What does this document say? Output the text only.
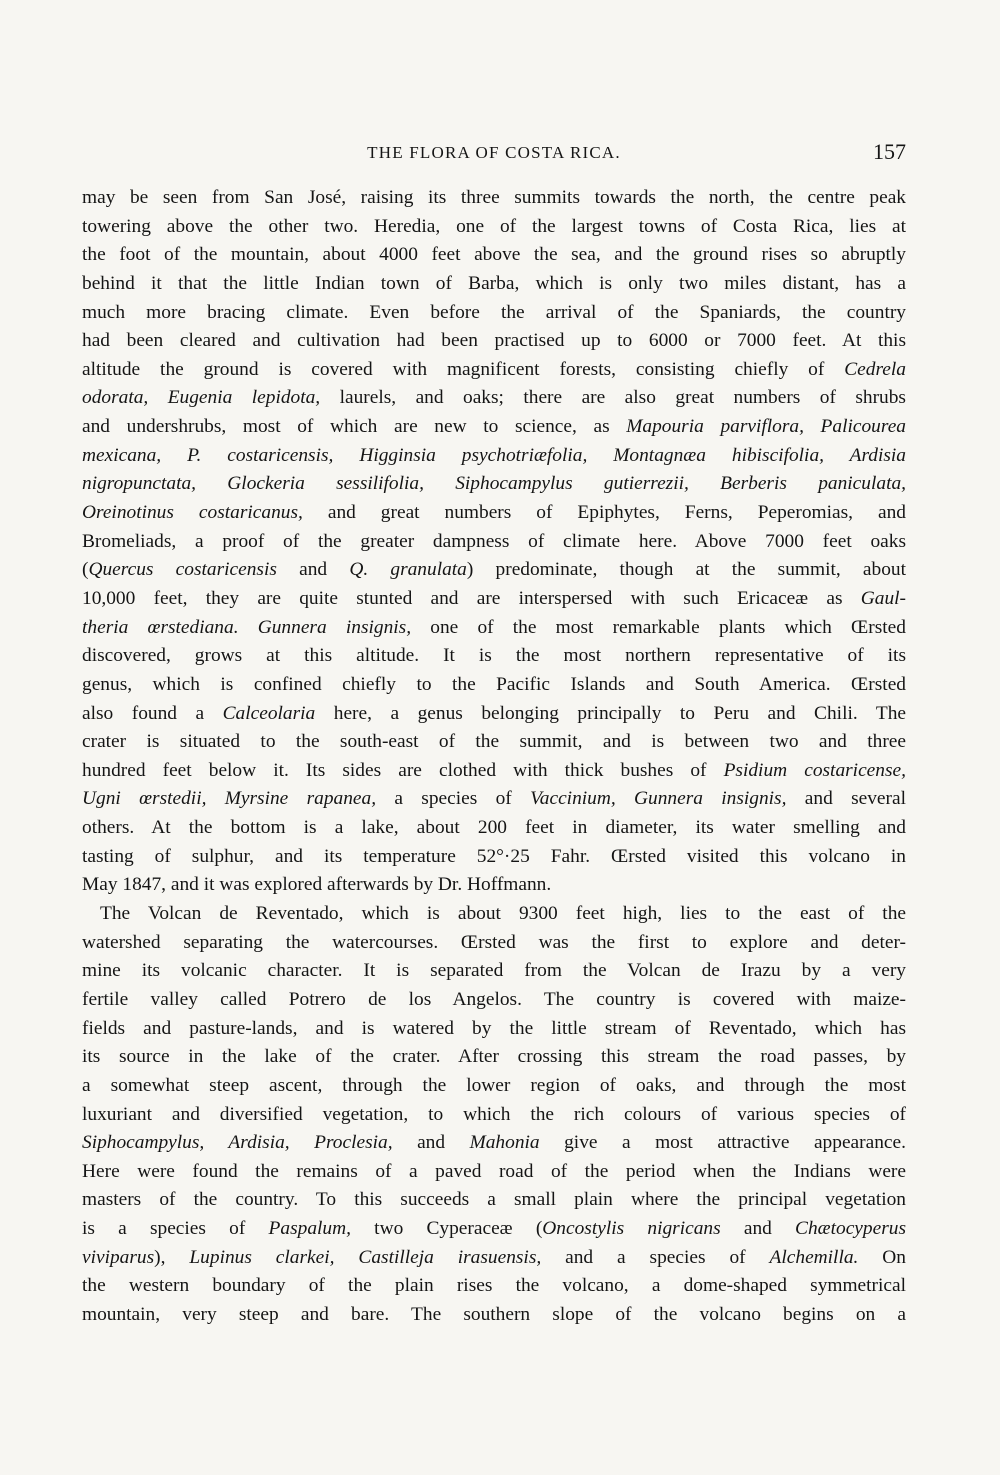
THE FLORA OF COSTA RICA.	157
may be seen from San José, raising its three summits towards the north, the centre peak
towering above the other two. Heredia, one of the largest towns of Costa Rica, lies at
the foot of the mountain, about 4000 feet above the sea, and the ground rises so abruptly
behind it that the little Indian town of Barba, which is only two miles distant, has a
much more bracing climate. Even before the arrival of the Spaniards, the country
had been cleared and cultivation had been practised up to 6000 or 7000 feet. At this
altitude the ground is covered with magnificent forests, consisting chiefly of Cedrela
odorata, Eugenia lepidota, laurels, and oaks; there are also great numbers of shrubs
and undershrubs, most of which are new to science, as Mapouria parviflora, Palicourea
mexicana, P. costaricensis, Higginsia psychotriæfolia, Montagnæa hibiscifolia, Ardisia
nigropunctata, Glockeria sessilifolia, Siphocampylus gutierrezii, Berberis paniculata,
Oreinotinus costaricanus, and great numbers of Epiphytes, Ferns, Peperomias, and
Bromeliads, a proof of the greater dampness of climate here. Above 7000 feet oaks
(Quercus costaricensis and Q. granulata) predominate, though at the summit, about
10,000 feet, they are quite stunted and are interspersed with such Ericaceæ as Gaul-
theria œrstediana. Gunnera insignis, one of the most remarkable plants which Œrsted
discovered, grows at this altitude. It is the most northern representative of its
genus, which is confined chiefly to the Pacific Islands and South America. Œrsted
also found a Calceolaria here, a genus belonging principally to Peru and Chili. The
crater is situated to the south-east of the summit, and is between two and three
hundred feet below it. Its sides are clothed with thick bushes of Psidium costaricense,
Ugni œrstedii, Myrsine rapanea, a species of Vaccinium, Gunnera insignis, and several
others. At the bottom is a lake, about 200 feet in diameter, its water smelling and
tasting of sulphur, and its temperature 52°·25 Fahr. Œrsted visited this volcano in
May 1847, and it was explored afterwards by Dr. Hoffmann.
The Volcan de Reventado, which is about 9300 feet high, lies to the east of the
watershed separating the watercourses. Œrsted was the first to explore and deter-
mine its volcanic character. It is separated from the Volcan de Irazu by a very
fertile valley called Potrero de los Angelos. The country is covered with maize-
fields and pasture-lands, and is watered by the little stream of Reventado, which has
its source in the lake of the crater. After crossing this stream the road passes, by
a somewhat steep ascent, through the lower region of oaks, and through the most
luxuriant and diversified vegetation, to which the rich colours of various species of
Siphocampylus, Ardisia, Proclesia, and Mahonia give a most attractive appearance.
Here were found the remains of a paved road of the period when the Indians were
masters of the country. To this succeeds a small plain where the principal vegetation
is a species of Paspalum, two Cyperaceæ (Oncostylis nigricans and Chætocyperus
viviparus), Lupinus clarkei, Castilleja irasuensis, and a species of Alchemilla. On
the western boundary of the plain rises the volcano, a dome-shaped symmetrical
mountain, very steep and bare. The southern slope of the volcano begins on a
